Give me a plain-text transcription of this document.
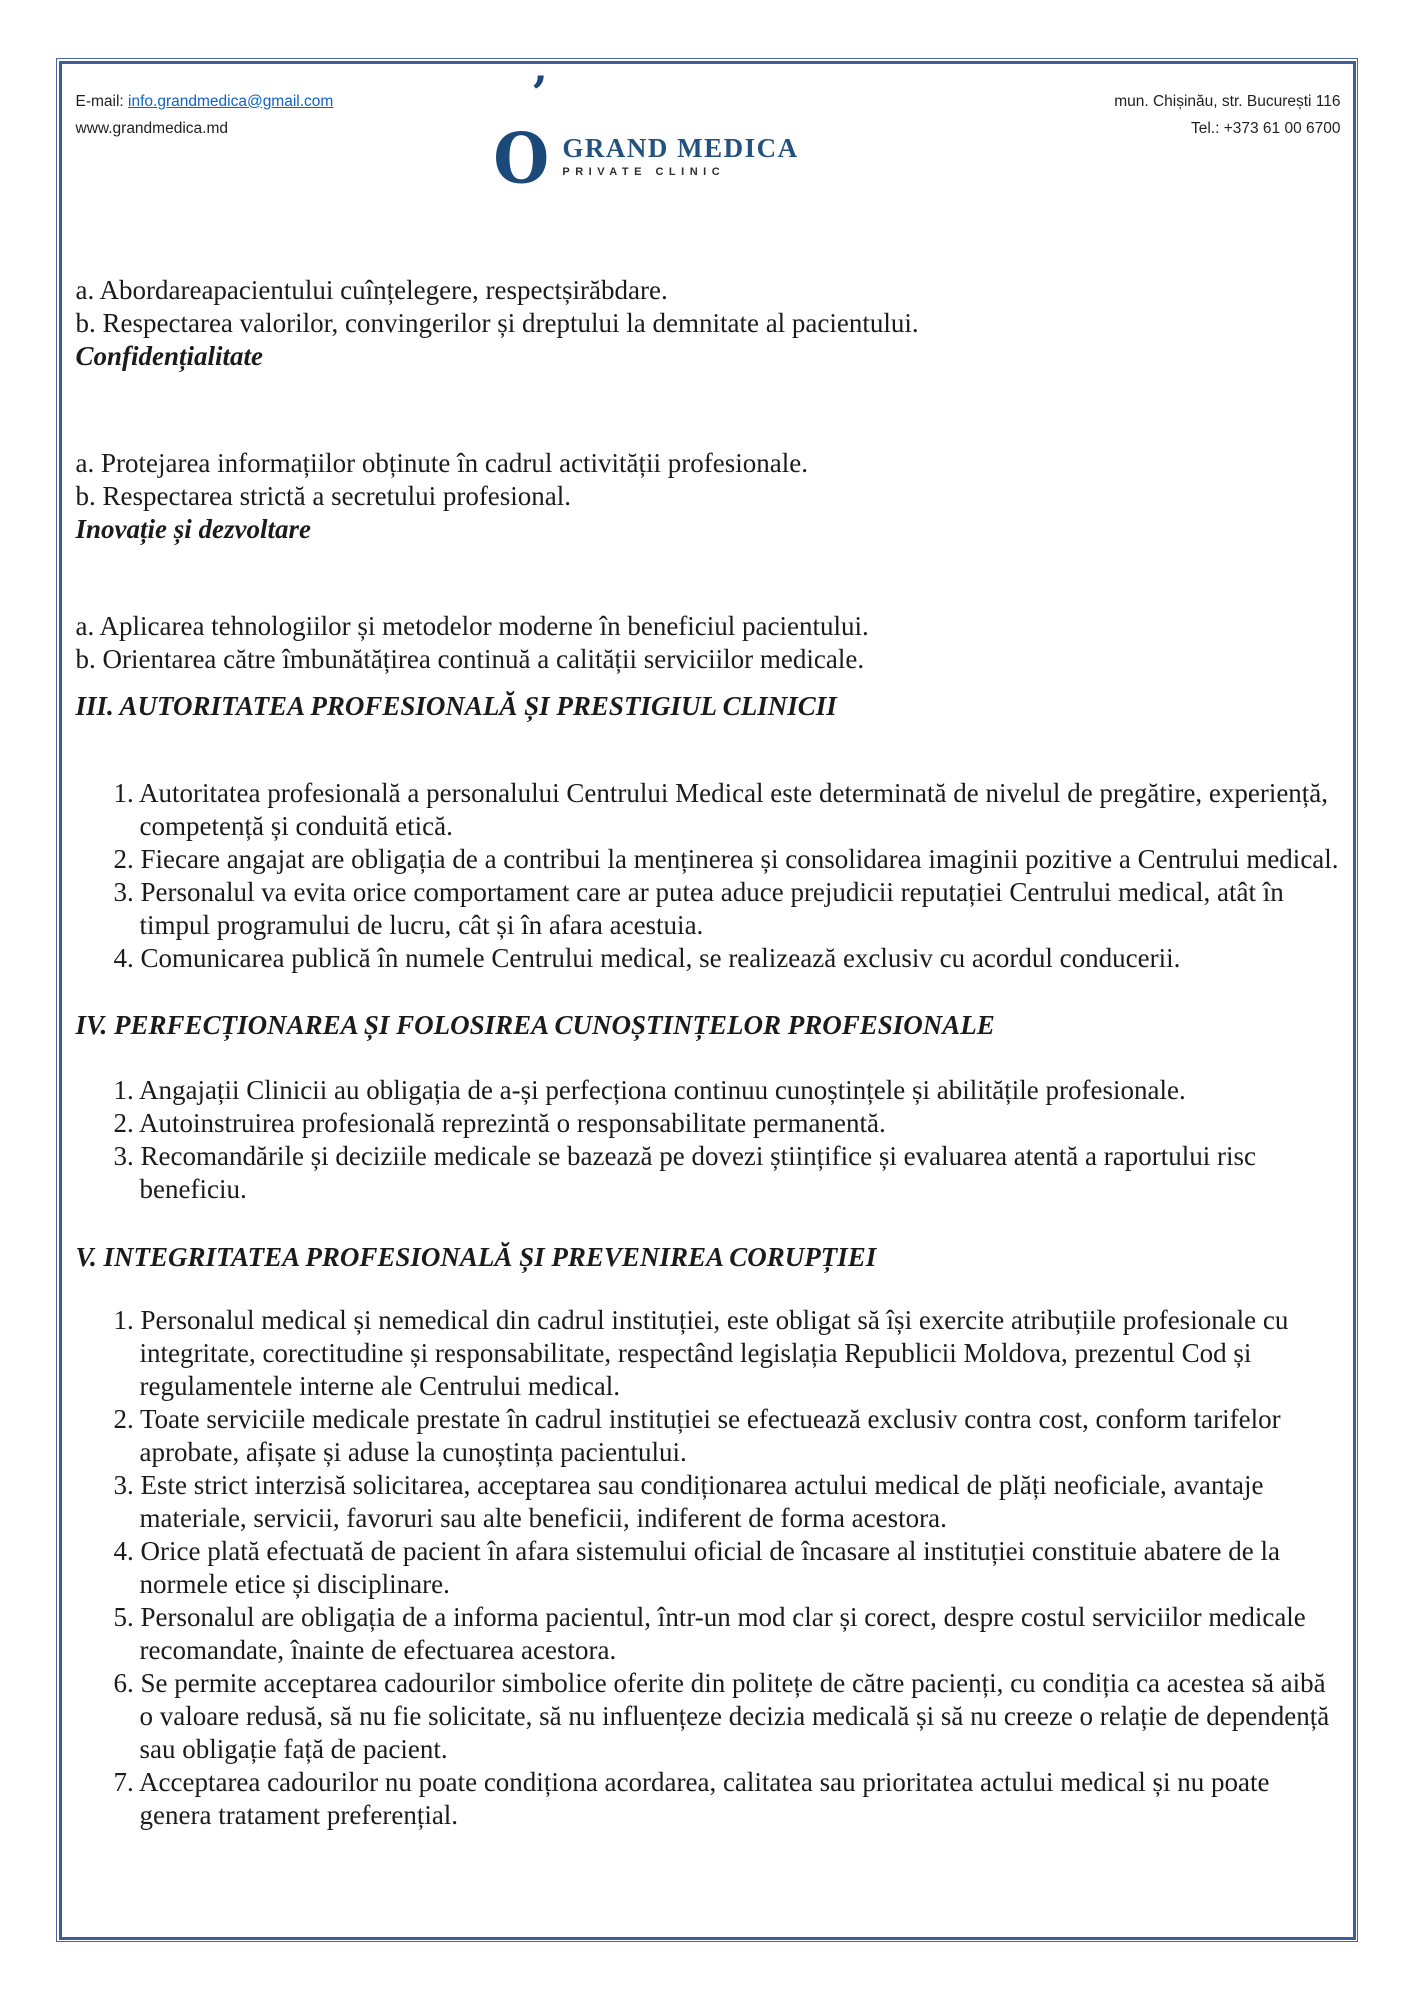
E-mail: info.grandmedica@gmail.com
www.grandmedica.md	O
’
GRAND MEDICA
PRIVATE CLINIC
mun. Chișinău, str. București 116
Tel.: +373 61 00 6700

a. Abordareapacientului cuînțelegere, respectșirăbdare.

b. Respectarea valorilor, convingerilor și dreptului la demnitate al pacientului.

Confidențialitate

a. Protejarea informațiilor obținute în cadrul activității profesionale.

b. Respectarea strictă a secretului profesional.

Inovație și dezvoltare

a. Aplicarea tehnologiilor și metodelor moderne în beneficiul pacientului.

b. Orientarea către îmbunătățirea continuă a calității serviciilor medicale.

III. AUTORITATEA PROFESIONALĂ ȘI PRESTIGIUL CLINICII
1. Autoritatea profesională a personalului Centrului Medical este determinată de nivelul de pregătire, experiență, competență și conduită etică.
2. Fiecare angajat are obligația de a contribui la menținerea și consolidarea imaginii pozitive a Centrului medical.
3. Personalul va evita orice comportament care ar putea aduce prejudicii reputației Centrului medical, atât în timpul programului de lucru, cât și în afara acestuia.
4. Comunicarea publică în numele Centrului medical, se realizează exclusiv cu acordul conducerii.
IV. PERFECȚIONAREA ȘI FOLOSIREA CUNOȘTINȚELOR PROFESIONALE
1. Angajații Clinicii au obligația de a-și perfecționa continuu cunoștințele și abilitățile profesionale.
2. Autoinstruirea profesională reprezintă o responsabilitate permanentă.
3. Recomandările și deciziile medicale se bazează pe dovezi științifice și evaluarea atentă a raportului risc beneficiu.
V. INTEGRITATEA PROFESIONALĂ ȘI PREVENIREA CORUPȚIEI
1. Personalul medical și nemedical din cadrul instituției, este obligat să își exercite atribuțiile profesionale cu integritate, corectitudine și responsabilitate, respectând legislația Republicii Moldova, prezentul Cod și regulamentele interne ale Centrului medical.
2. Toate serviciile medicale prestate în cadrul instituției se efectuează exclusiv contra cost, conform tarifelor aprobate, afișate și aduse la cunoștința pacientului.
3. Este strict interzisă solicitarea, acceptarea sau condiționarea actului medical de plăți neoficiale, avantaje materiale, servicii, favoruri sau alte beneficii, indiferent de forma acestora.
4. Orice plată efectuată de pacient în afara sistemului oficial de încasare al instituției constituie abatere de la normele etice și disciplinare.
5. Personalul are obligația de a informa pacientul, într-un mod clar și corect, despre costul serviciilor medicale recomandate, înainte de efectuarea acestora.
6. Se permite acceptarea cadourilor simbolice oferite din politețe de către pacienți, cu condiția ca acestea să aibă o valoare redusă, să nu fie solicitate, să nu influențeze decizia medicală și să nu creeze o relație de dependență sau obligație față de pacient.
7. Acceptarea cadourilor nu poate condiționa acordarea, calitatea sau prioritatea actului medical și nu poate genera tratament preferențial.
